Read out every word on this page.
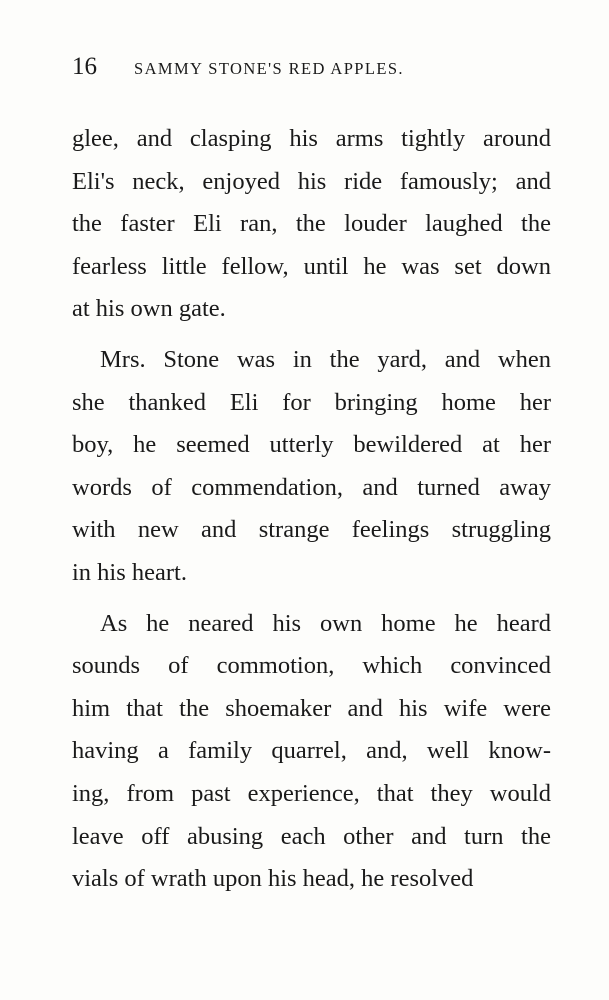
16 SAMMY STONE'S RED APPLES.
glee, and clasping his arms tightly around
Eli's neck, enjoyed his ride famously; and
the faster Eli ran, the louder laughed the
fearless little fellow, until he was set down
at his own gate.
Mrs. Stone was in the yard, and when
she thanked Eli for bringing home her
boy, he seemed utterly bewildered at her
words of commendation, and turned away
with new and strange feelings struggling
in his heart.
As he neared his own home he heard
sounds of commotion, which convinced
him that the shoemaker and his wife were
having a family quarrel, and, well know-
ing, from past experience, that they would
leave off abusing each other and turn the
vials of wrath upon his head, he resolved
